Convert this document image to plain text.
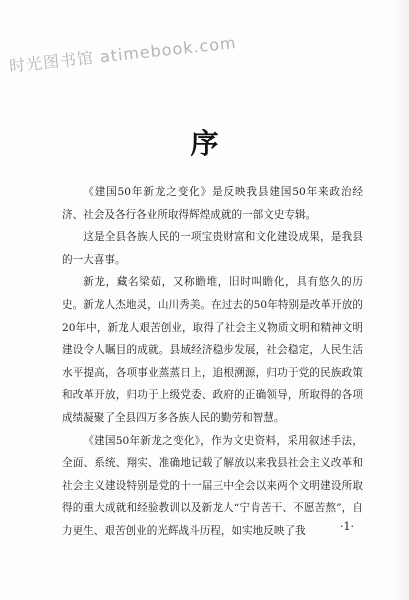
时光图书馆 atimebook.com
序

《建国50年新龙之变化》是反映我县建国50年来政治经济、社会及各行各业所取得辉煌成就的一部文史专辑。

这是全县各族人民的一项宝贵财富和文化建设成果，是我县的一大喜事。

新龙，藏名梁茹，又称瞻堆，旧时叫瞻化，具有悠久的历史。新龙人杰地灵，山川秀美。在过去的50年特别是改革开放的20年中，新龙人艰苦创业，取得了社会主义物质文明和精神文明建设令人瞩目的成就。县域经济稳步发展，社会稳定，人民生活水平提高，各项事业蒸蒸日上，追根溯源，归功于党的民族政策和改革开放，归功于上级党委、政府的正确领导，所取得的各项成绩凝聚了全县四万多各族人民的勤劳和智慧。

《建国50年新龙之变化》，作为文史资料，采用叙述手法，全面、系统、翔实、准确地记载了解放以来我县社会主义改革和社会主义建设特别是党的十一届三中全会以来两个文明建设所取得的重大成就和经验教训以及新龙人“宁肯苦干、不愿苦熬”，自力更生、艰苦创业的光辉战斗历程，如实地反映了我	·1·
